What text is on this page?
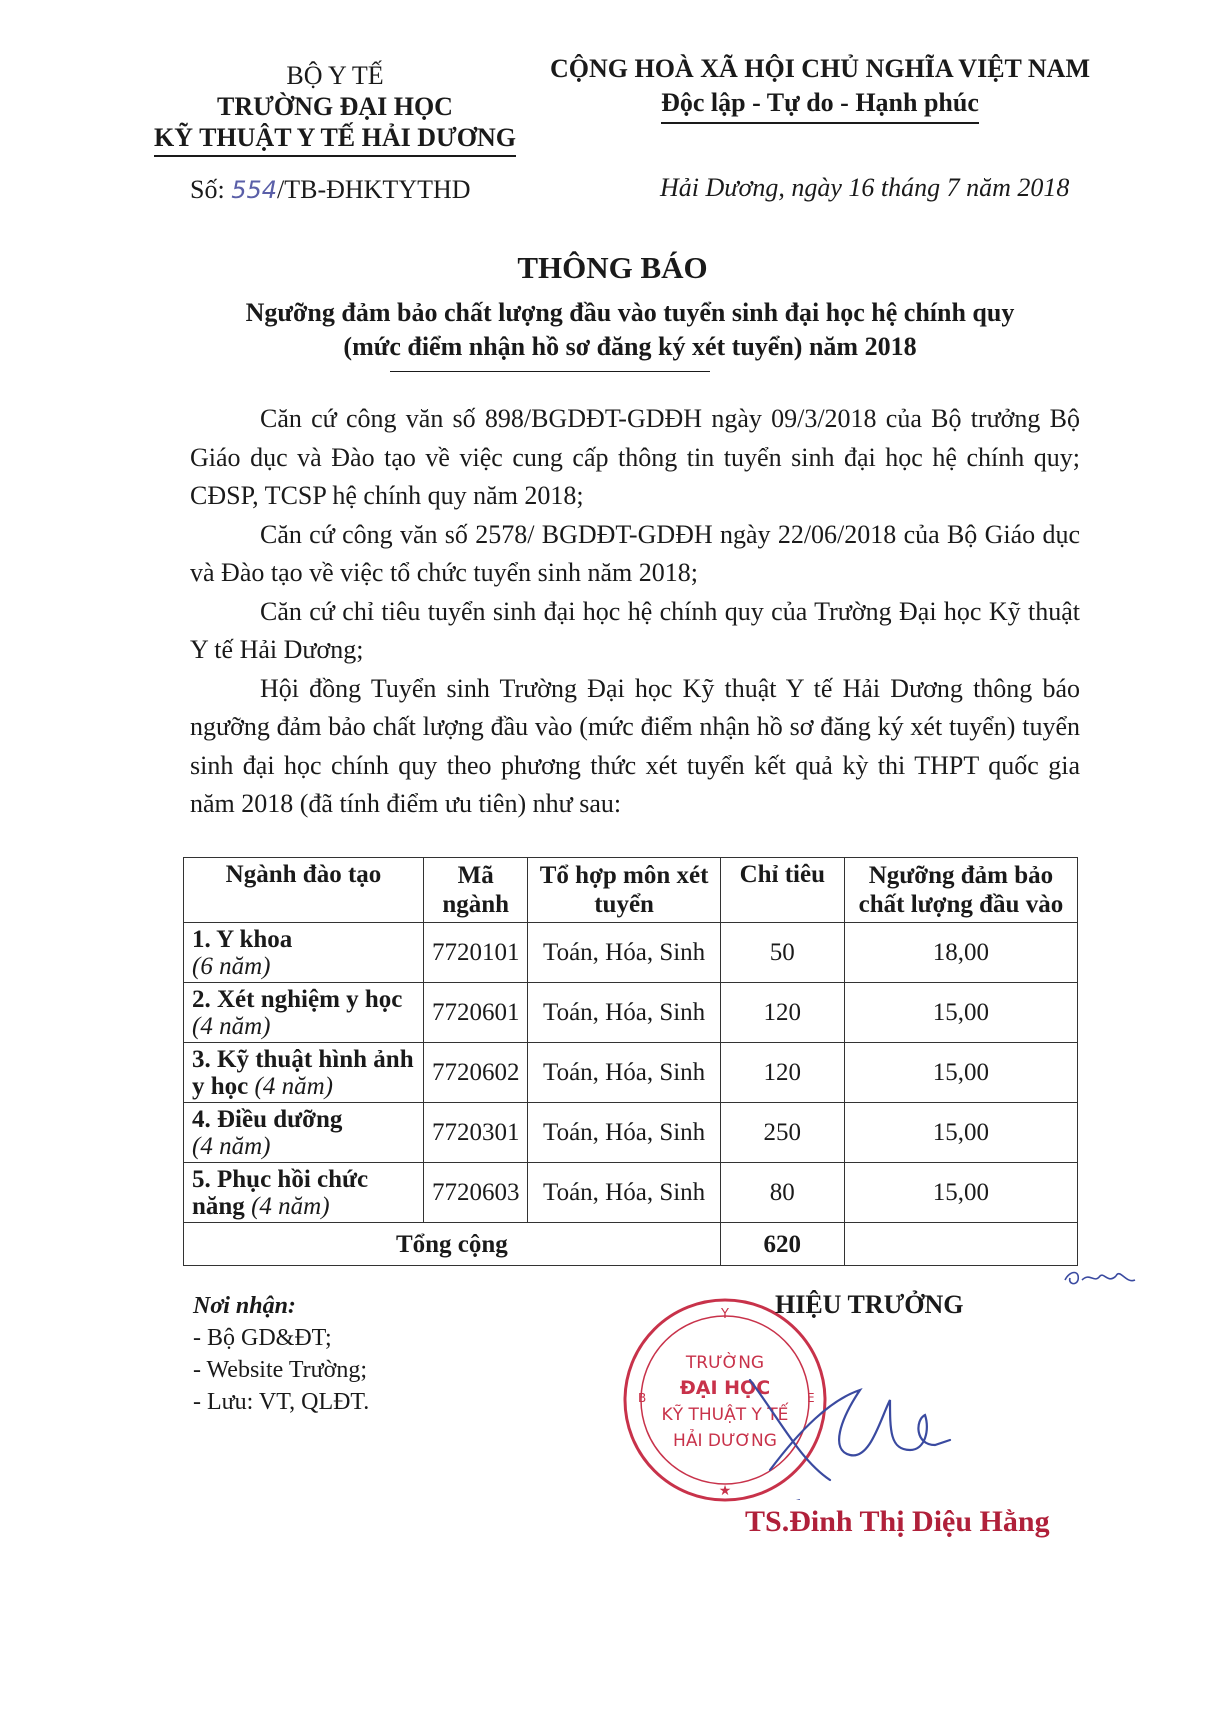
BỘ Y TẾ
TRƯỜNG ĐẠI HỌC
KỸ THUẬT Y TẾ HẢI DƯƠNG
CỘNG HOÀ XÃ HỘI CHỦ NGHĨA VIỆT NAM
Độc lập - Tự do - Hạnh phúc
Số: 554/TB-ĐHKTYTHD	Hải Dương, ngày 16 tháng 7 năm 2018
THÔNG BÁO
Ngưỡng đảm bảo chất lượng đầu vào tuyển sinh đại học hệ chính quy
(mức điểm nhận hồ sơ đăng ký xét tuyển) năm 2018

Căn cứ công văn số 898/BGDĐT-GDĐH ngày 09/3/2018 của Bộ trưởng Bộ Giáo dục và Đào tạo về việc cung cấp thông tin tuyển sinh đại học hệ chính quy; CĐSP, TCSP hệ chính quy năm 2018;

Căn cứ công văn số 2578/ BGDĐT-GDĐH ngày 22/06/2018 của Bộ Giáo dục và Đào tạo về việc tổ chức tuyển sinh năm 2018;

Căn cứ chỉ tiêu tuyển sinh đại học hệ chính quy của Trường Đại học Kỹ thuật Y tế Hải Dương;

Hội đồng Tuyển sinh Trường Đại học Kỹ thuật Y tế Hải Dương thông báo ngưỡng đảm bảo chất lượng đầu vào (mức điểm nhận hồ sơ đăng ký xét tuyển) tuyển sinh đại học chính quy theo phương thức xét tuyển kết quả kỳ thi THPT quốc gia năm 2018 (đã tính điểm ưu tiên) như sau:

Ngành đào tạo	Mã ngành	Tổ hợp môn xét tuyển	Chỉ tiêu	Ngưỡng đảm bảo chất lượng đầu vào
1. Y khoa
(6 năm)	7720101	Toán, Hóa, Sinh	50	18,00
2. Xét nghiệm y học (4 năm)	7720601	Toán, Hóa, Sinh	120	15,00
3. Kỹ thuật hình ảnh y học (4 năm)	7720602	Toán, Hóa, Sinh	120	15,00
4. Điều dưỡng
(4 năm)	7720301	Toán, Hóa, Sinh	250	15,00
5. Phục hồi chức năng (4 năm)	7720603	Toán, Hóa, Sinh	80	15,00
Tổng cộng			620	
Nơi nhận:
- Bộ GD&ĐT;
- Website Trường;
- Lưu: VT, QLĐT.
Y
B	E
★
TRƯỜNG
ĐẠI HỌC
KỸ THUẬT Y TẾ
HẢI DƯƠNG
HIỆU TRƯỞNG
TS.Đinh Thị Diệu Hằng
